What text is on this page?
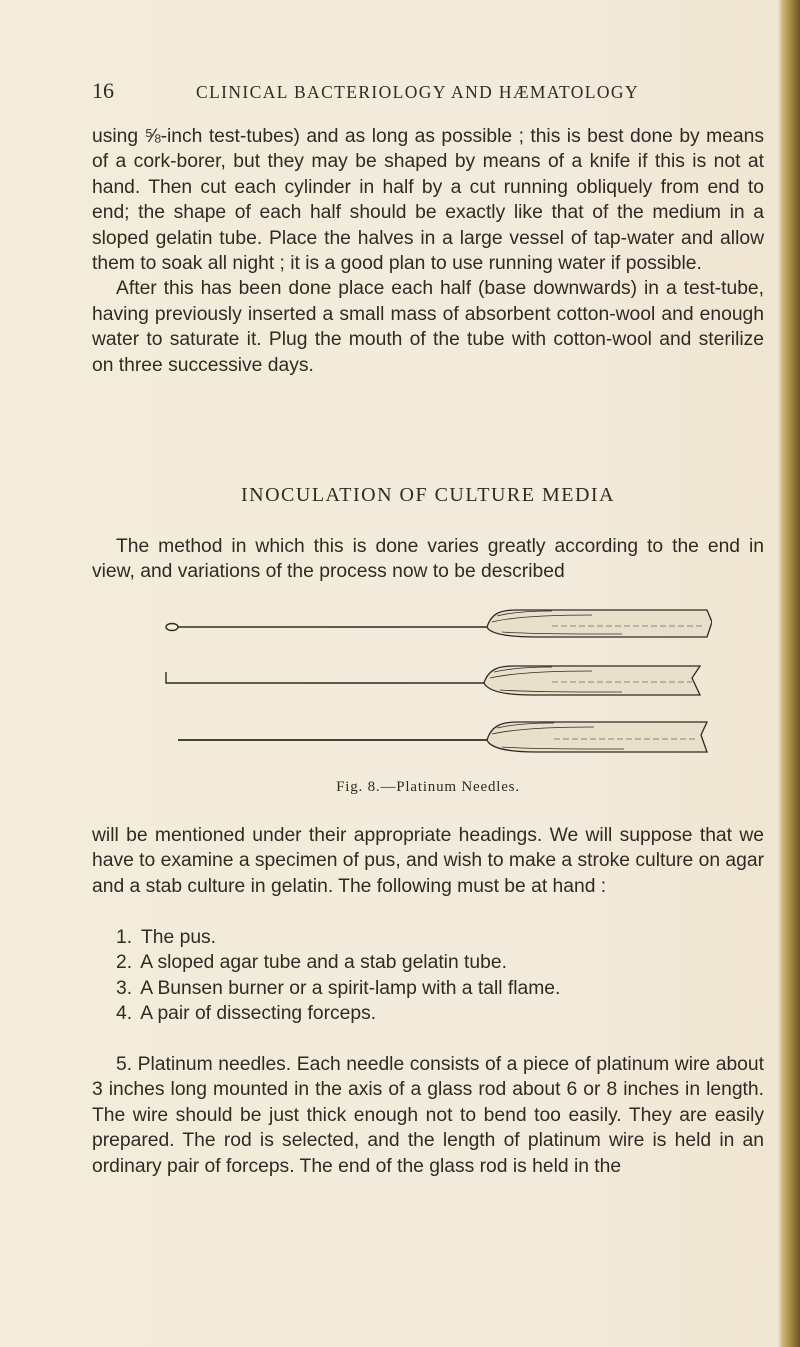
16	CLINICAL BACTERIOLOGY AND HÆMATOLOGY

using ⅝-inch test-tubes) and as long as possible ; this is best done by means of a cork-borer, but they may be shaped by means of a knife if this is not at hand. Then cut each cylinder in half by a cut running obliquely from end to end; the shape of each half should be exactly like that of the medium in a sloped gelatin tube. Place the halves in a large vessel of tap-water and allow them to soak all night ; it is a good plan to use running water if possible.

After this has been done place each half (base downwards) in a test-tube, having previously inserted a small mass of absorbent cotton-wool and enough water to saturate it. Plug the mouth of the tube with cotton-wool and sterilize on three successive days.

INOCULATION OF CULTURE MEDIA

The method in which this is done varies greatly according to the end in view, and variations of the process now to be described

Fig. 8.—Platinum Needles.

will be mentioned under their appropriate headings. We will suppose that we have to examine a specimen of pus, and wish to make a stroke culture on agar and a stab culture in gelatin. The following must be at hand :

1. The pus.
2. A sloped agar tube and a stab gelatin tube.
3. A Bunsen burner or a spirit-lamp with a tall flame.
4. A pair of dissecting forceps.

5. Platinum needles. Each needle consists of a piece of platinum wire about 3 inches long mounted in the axis of a glass rod about 6 or 8 inches in length. The wire should be just thick enough not to bend too easily. They are easily prepared. The rod is selected, and the length of platinum wire is held in an ordinary pair of forceps. The end of the glass rod is held in the
